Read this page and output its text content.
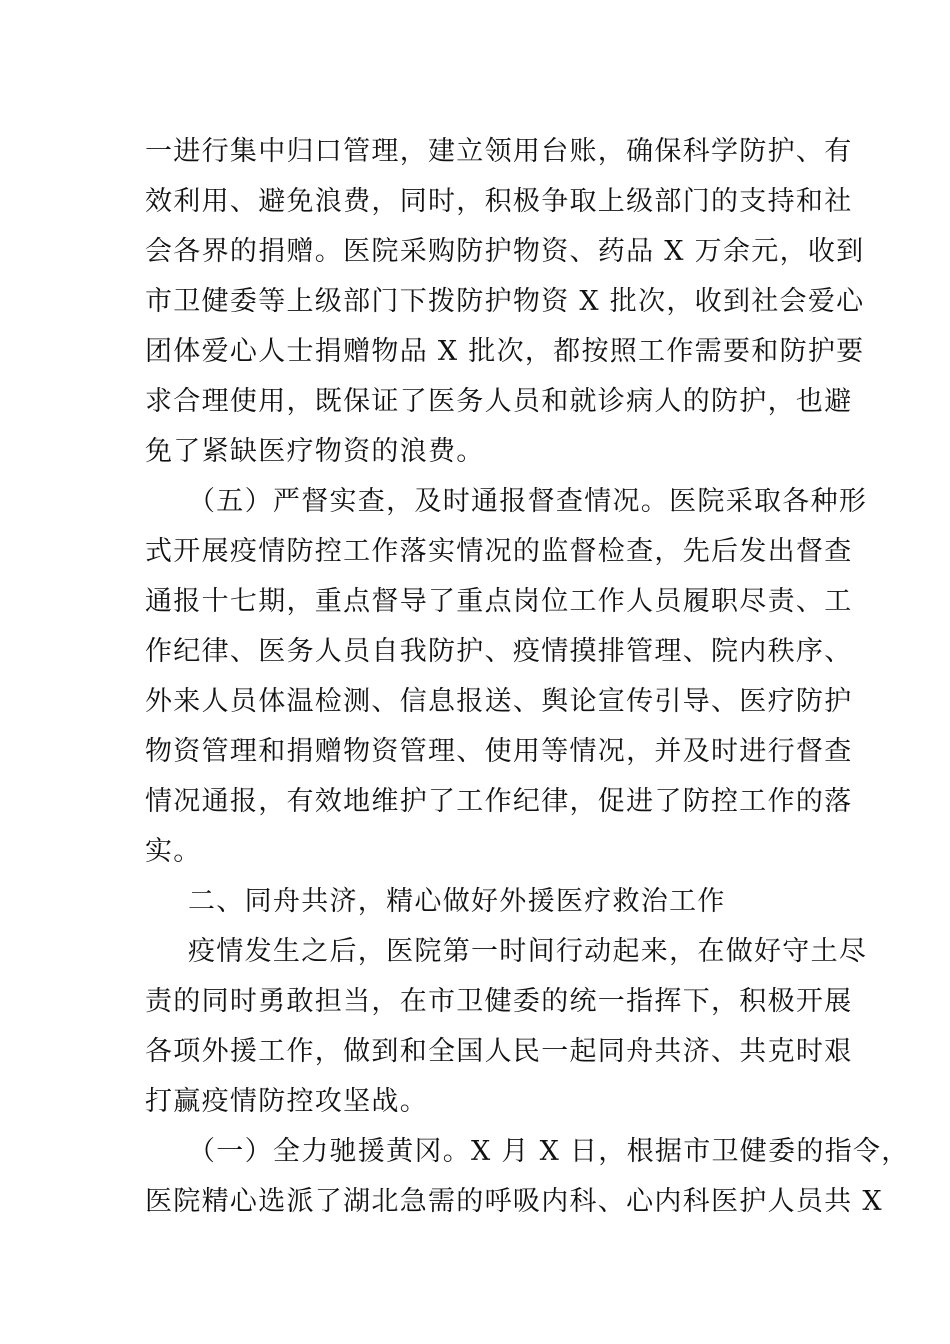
一进行集中归口管理，建立领用台账，确保科学防护、有
效利用、避免浪费，同时，积极争取上级部门的支持和社
会各界的捐赠。医院采购防护物资、药品 X 万余元，收到
市卫健委等上级部门下拨防护物资 X 批次，收到社会爱心
团体爱心人士捐赠物品 X 批次，都按照工作需要和防护要
求合理使用，既保证了医务人员和就诊病人的防护，也避
免了紧缺医疗物资的浪费。
（五）严督实查，及时通报督查情况。医院采取各种形
式开展疫情防控工作落实情况的监督检查，先后发出督查
通报十七期，重点督导了重点岗位工作人员履职尽责、工
作纪律、医务人员自我防护、疫情摸排管理、院内秩序、
外来人员体温检测、信息报送、舆论宣传引导、医疗防护
物资管理和捐赠物资管理、使用等情况，并及时进行督查
情况通报，有效地维护了工作纪律，促进了防控工作的落
实。
二、同舟共济，精心做好外援医疗救治工作
疫情发生之后，医院第一时间行动起来，在做好守土尽
责的同时勇敢担当，在市卫健委的统一指挥下，积极开展
各项外援工作，做到和全国人民一起同舟共济、共克时艰
打赢疫情防控攻坚战。
（一）全力驰援黄冈。X 月 X 日，根据市卫健委的指令，
医院精心选派了湖北急需的呼吸内科、心内科医护人员共 X
